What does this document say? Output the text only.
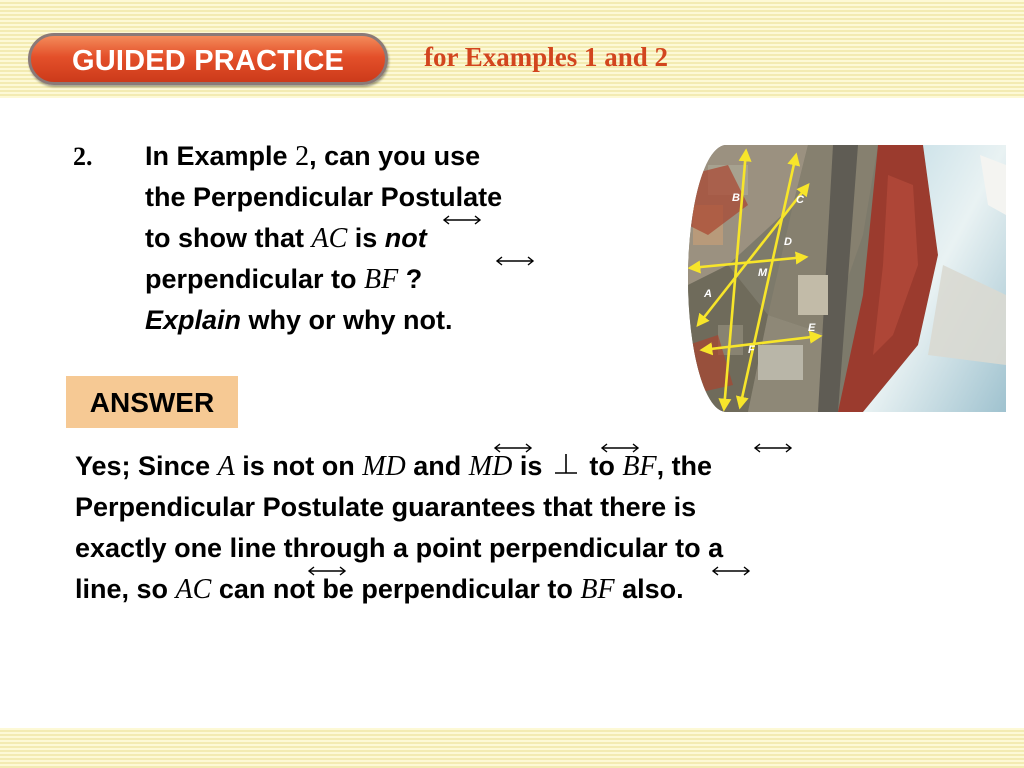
GUIDED PRACTICE	for Examples 1 and 2
2. In Example 2, can you use
the Perpendicular Postulate
to show that
AC is not
perpendicular to
BF ?
Explain why or why not.
B	C
D
M
A
E
F
ANSWER
Yes; Since A is not on
MD and
MD is  to
BF, the
Perpendicular Postulate guarantees that there is
exactly one line through a point perpendicular to a
line, so
AC can not be perpendicular to
BF also.
